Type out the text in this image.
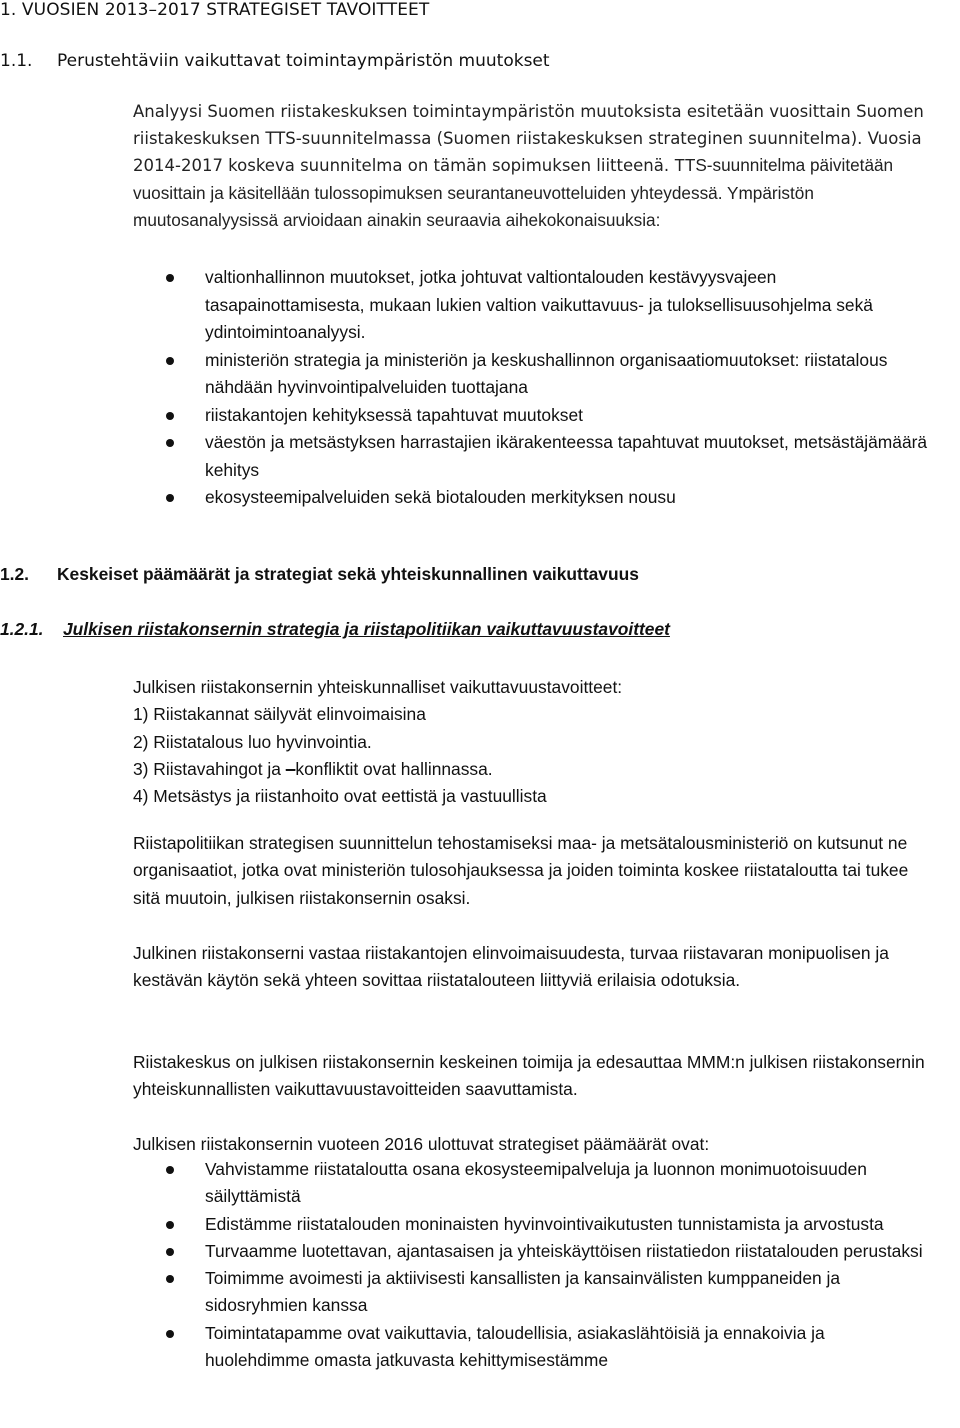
1. VUOSIEN 2013–2017 STRATEGISET TAVOITTEET
1.1. Perustehtäviin vaikuttavat toimintaympäristön muutokset
Analyysi Suomen riistakeskuksen toimintaympäristön muutoksista esitetään vuosittain Suomen riistakeskuksen TTS-suunnitelmassa (Suomen riistakeskuksen strateginen suunnitelma). Vuosia 2014-2017 koskeva suunnitelma on tämän sopimuksen liitteenä. TTS-suunnitelma päivitetään vuosittain ja käsitellään tulossopimuksen seurantaneuvotteluiden yhteydessä. Ympäristön muutosanalyysissä arvioidaan ainakin seuraavia aihekokonaisuuksia:
valtionhallinnon muutokset, jotka johtuvat valtiontalouden kestävyysvajeen tasapainottamisesta, mukaan lukien valtion vaikuttavuus- ja tuloksellisuusohjelma sekä ydintoimintoanalyysi.
ministeriön strategia ja ministeriön ja keskushallinnon organisaatiomuutokset: riistatalous nähdään hyvinvointipalveluiden tuottajana
riistakantojen kehityksessä tapahtuvat muutokset
väestön ja metsästyksen harrastajien ikärakenteessa tapahtuvat muutokset, metsästäjämäärä kehitys
ekosysteemipalveluiden sekä biotalouden merkityksen nousu
1.2. Keskeiset päämäärät ja strategiat sekä yhteiskunnallinen vaikuttavuus
1.2.1. Julkisen riistakonsernin strategia ja riistapolitiikan vaikuttavuustavoitteet

Julkisen riistakonsernin yhteiskunnalliset vaikuttavuustavoitteet:

1) Riistakannat säilyvät elinvoimaisina

2) Riistatalous luo hyvinvointia.

3) Riistavahingot ja –konfliktit ovat hallinnassa.

4) Metsästys ja riistanhoito ovat eettistä ja vastuullista

Riistapolitiikan strategisen suunnittelun tehostamiseksi maa- ja metsätalousministeriö on kutsunut ne organisaatiot, jotka ovat ministeriön tulosohjauksessa ja joiden toiminta koskee riistataloutta tai tukee sitä muutoin, julkisen riistakonsernin osaksi.
Julkinen riistakonserni vastaa riistakantojen elinvoimaisuudesta, turvaa riistavaran monipuolisen ja kestävän käytön sekä yhteen sovittaa riistatalouteen liittyviä erilaisia odotuksia.
Riistakeskus on julkisen riistakonsernin keskeinen toimija ja edesauttaa MMM:n julkisen riistakonsernin yhteiskunnallisten vaikuttavuustavoitteiden saavuttamista.
Julkisen riistakonsernin vuoteen 2016 ulottuvat strategiset päämäärät ovat:
Vahvistamme riistataloutta osana ekosysteemipalveluja ja luonnon monimuotoisuuden säilyttämistä
Edistämme riistatalouden moninaisten hyvinvointivaikutusten tunnistamista ja arvostusta
Turvaamme luotettavan, ajantasaisen ja yhteiskäyttöisen riistatiedon riistatalouden perustaksi
Toimimme avoimesti ja aktiivisesti kansallisten ja kansainvälisten kumppaneiden ja sidosryhmien kanssa
Toimintatapamme ovat vaikuttavia, taloudellisia, asiakaslähtöisiä ja ennakoivia ja huolehdimme omasta jatkuvasta kehittymisestämme
